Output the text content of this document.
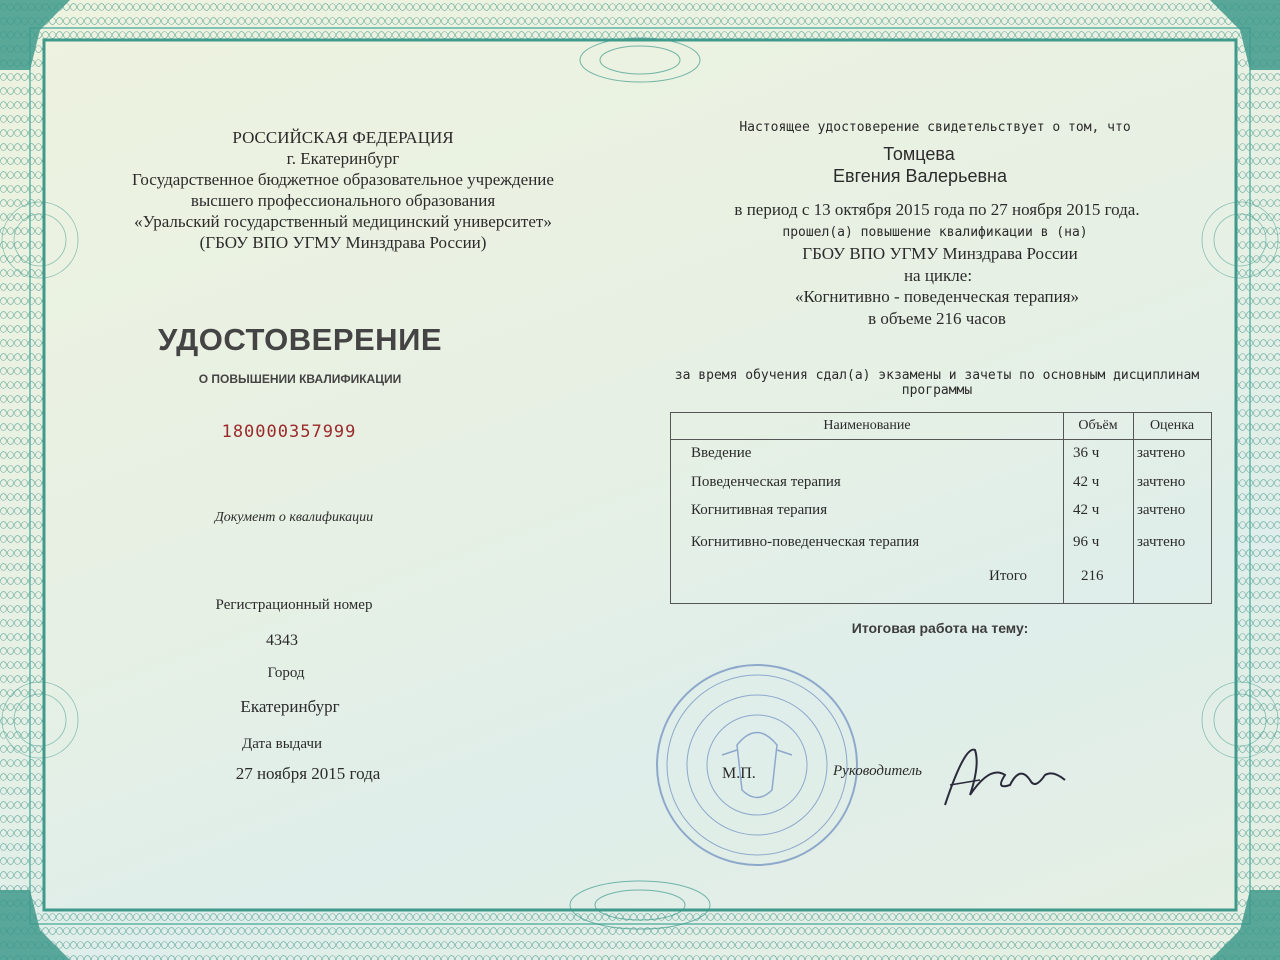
РОССИЙСКАЯ ФЕДЕРАЦИЯ
г. Екатеринбург
Государственное бюджетное образовательное учреждение
высшего профессионального образования
«Уральский государственный медицинский университет»
(ГБОУ ВПО УГМУ Минздрава России)
УДОСТОВЕРЕНИЕ
О ПОВЫШЕНИИ КВАЛИФИКАЦИИ
180000357999
Документ о квалификации
Регистрационный номер
4343
Город
Екатеринбург
Дата выдачи
27 ноября 2015 года
Настоящее удостоверение свидетельствует о том, что
Томцева
Евгения Валерьевна
в период с 13 октября 2015 года по 27 ноября 2015 года.
прошел(а) повышение квалификации в (на)
ГБОУ ВПО УГМУ Минздрава России
на цикле:
«Когнитивно - поведенческая терапия»
в объеме 216 часов
за время обучения сдал(а) экзамены и зачеты по основным дисциплинам
программы
Наименование	Объём	Оценка
Введение	36 ч	зачтено
Поведенческая терапия	42 ч	зачтено
Когнитивная терапия	42 ч	зачтено
Когнитивно-поведенческая терапия	96 ч	зачтено
Итого	216
Итоговая работа на тему:
М.П.	Руководитель
